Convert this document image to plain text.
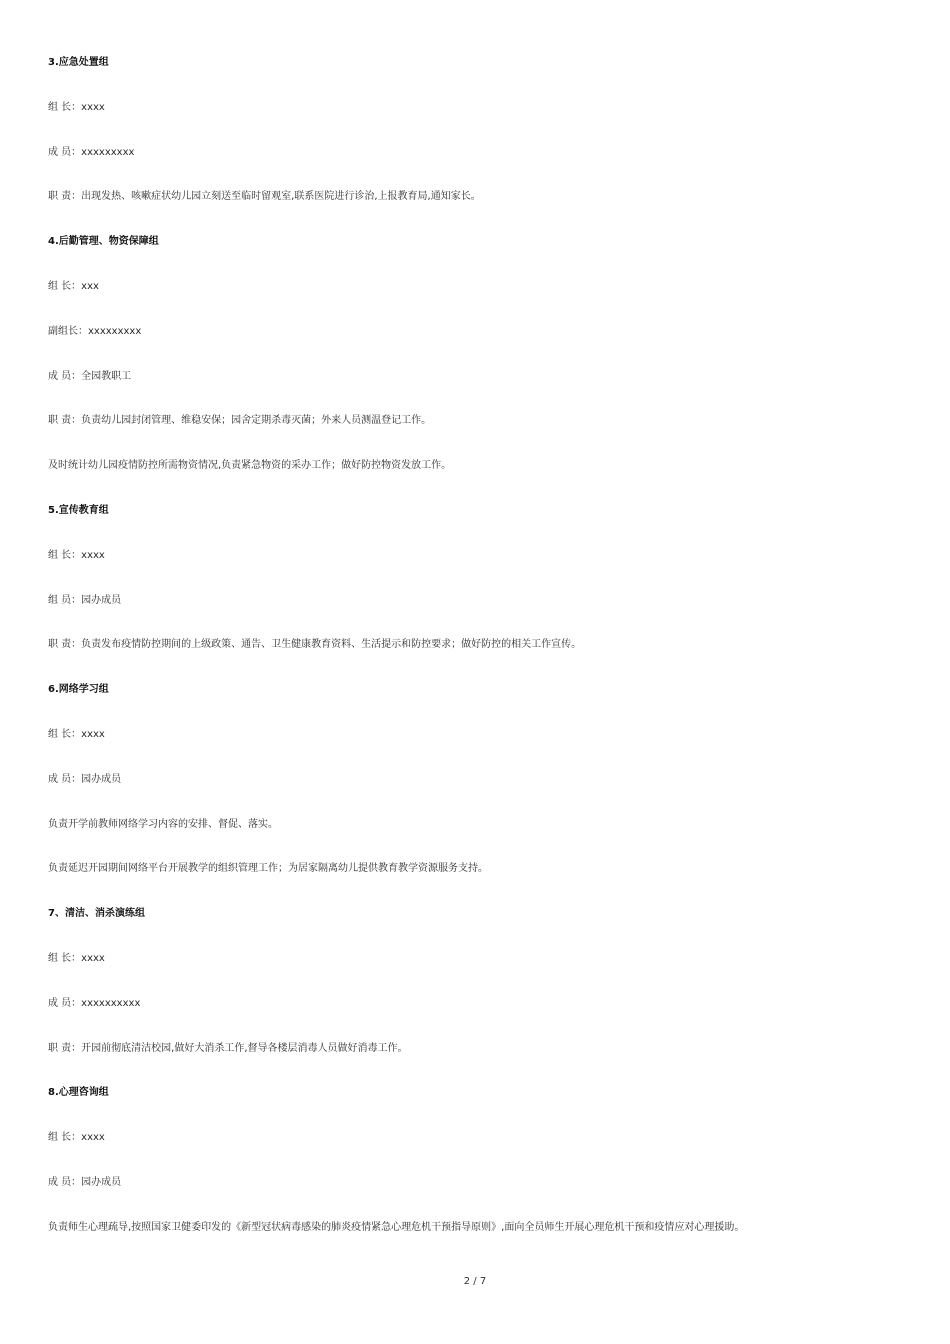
3.应急处置组
组 长：xxxx
成 员：xxxxxxxxx
职 责：出现发热、咳嗽症状幼儿园立刻送至临时留观室,联系医院进行诊治,上报教育局,通知家长。
4.后勤管理、物资保障组
组 长：xxx
副组长：xxxxxxxxx
成 员：全园教职工
职 责：负责幼儿园封闭管理、维稳安保；园舍定期杀毒灭菌；外来人员测温登记工作。
及时统计幼儿园疫情防控所需物资情况,负责紧急物资的采办工作；做好防控物资发放工作。
5.宣传教育组
组 长：xxxx
组 员：园办成员
职 责：负责发布疫情防控期间的上级政策、通告、卫生健康教育资料、生活提示和防控要求；做好防控的相关工作宣传。
6.网络学习组
组 长：xxxx
成 员：园办成员
负责开学前教师网络学习内容的安排、督促、落实。
负责延迟开园期间网络平台开展教学的组织管理工作；为居家隔离幼儿提供教育教学资源服务支持。
7、清洁、消杀演练组
组 长：xxxx
成 员：xxxxxxxxxx
职 责：开园前彻底清洁校园,做好大消杀工作,督导各楼层消毒人员做好消毒工作。
8.心理咨询组
组 长：xxxx
成 员：园办成员
负责师生心理疏导,按照国家卫健委印发的《新型冠状病毒感染的肺炎疫情紧急心理危机干预指导原则》,面向全员师生开展心理危机干预和疫情应对心理援助。
2 / 7
